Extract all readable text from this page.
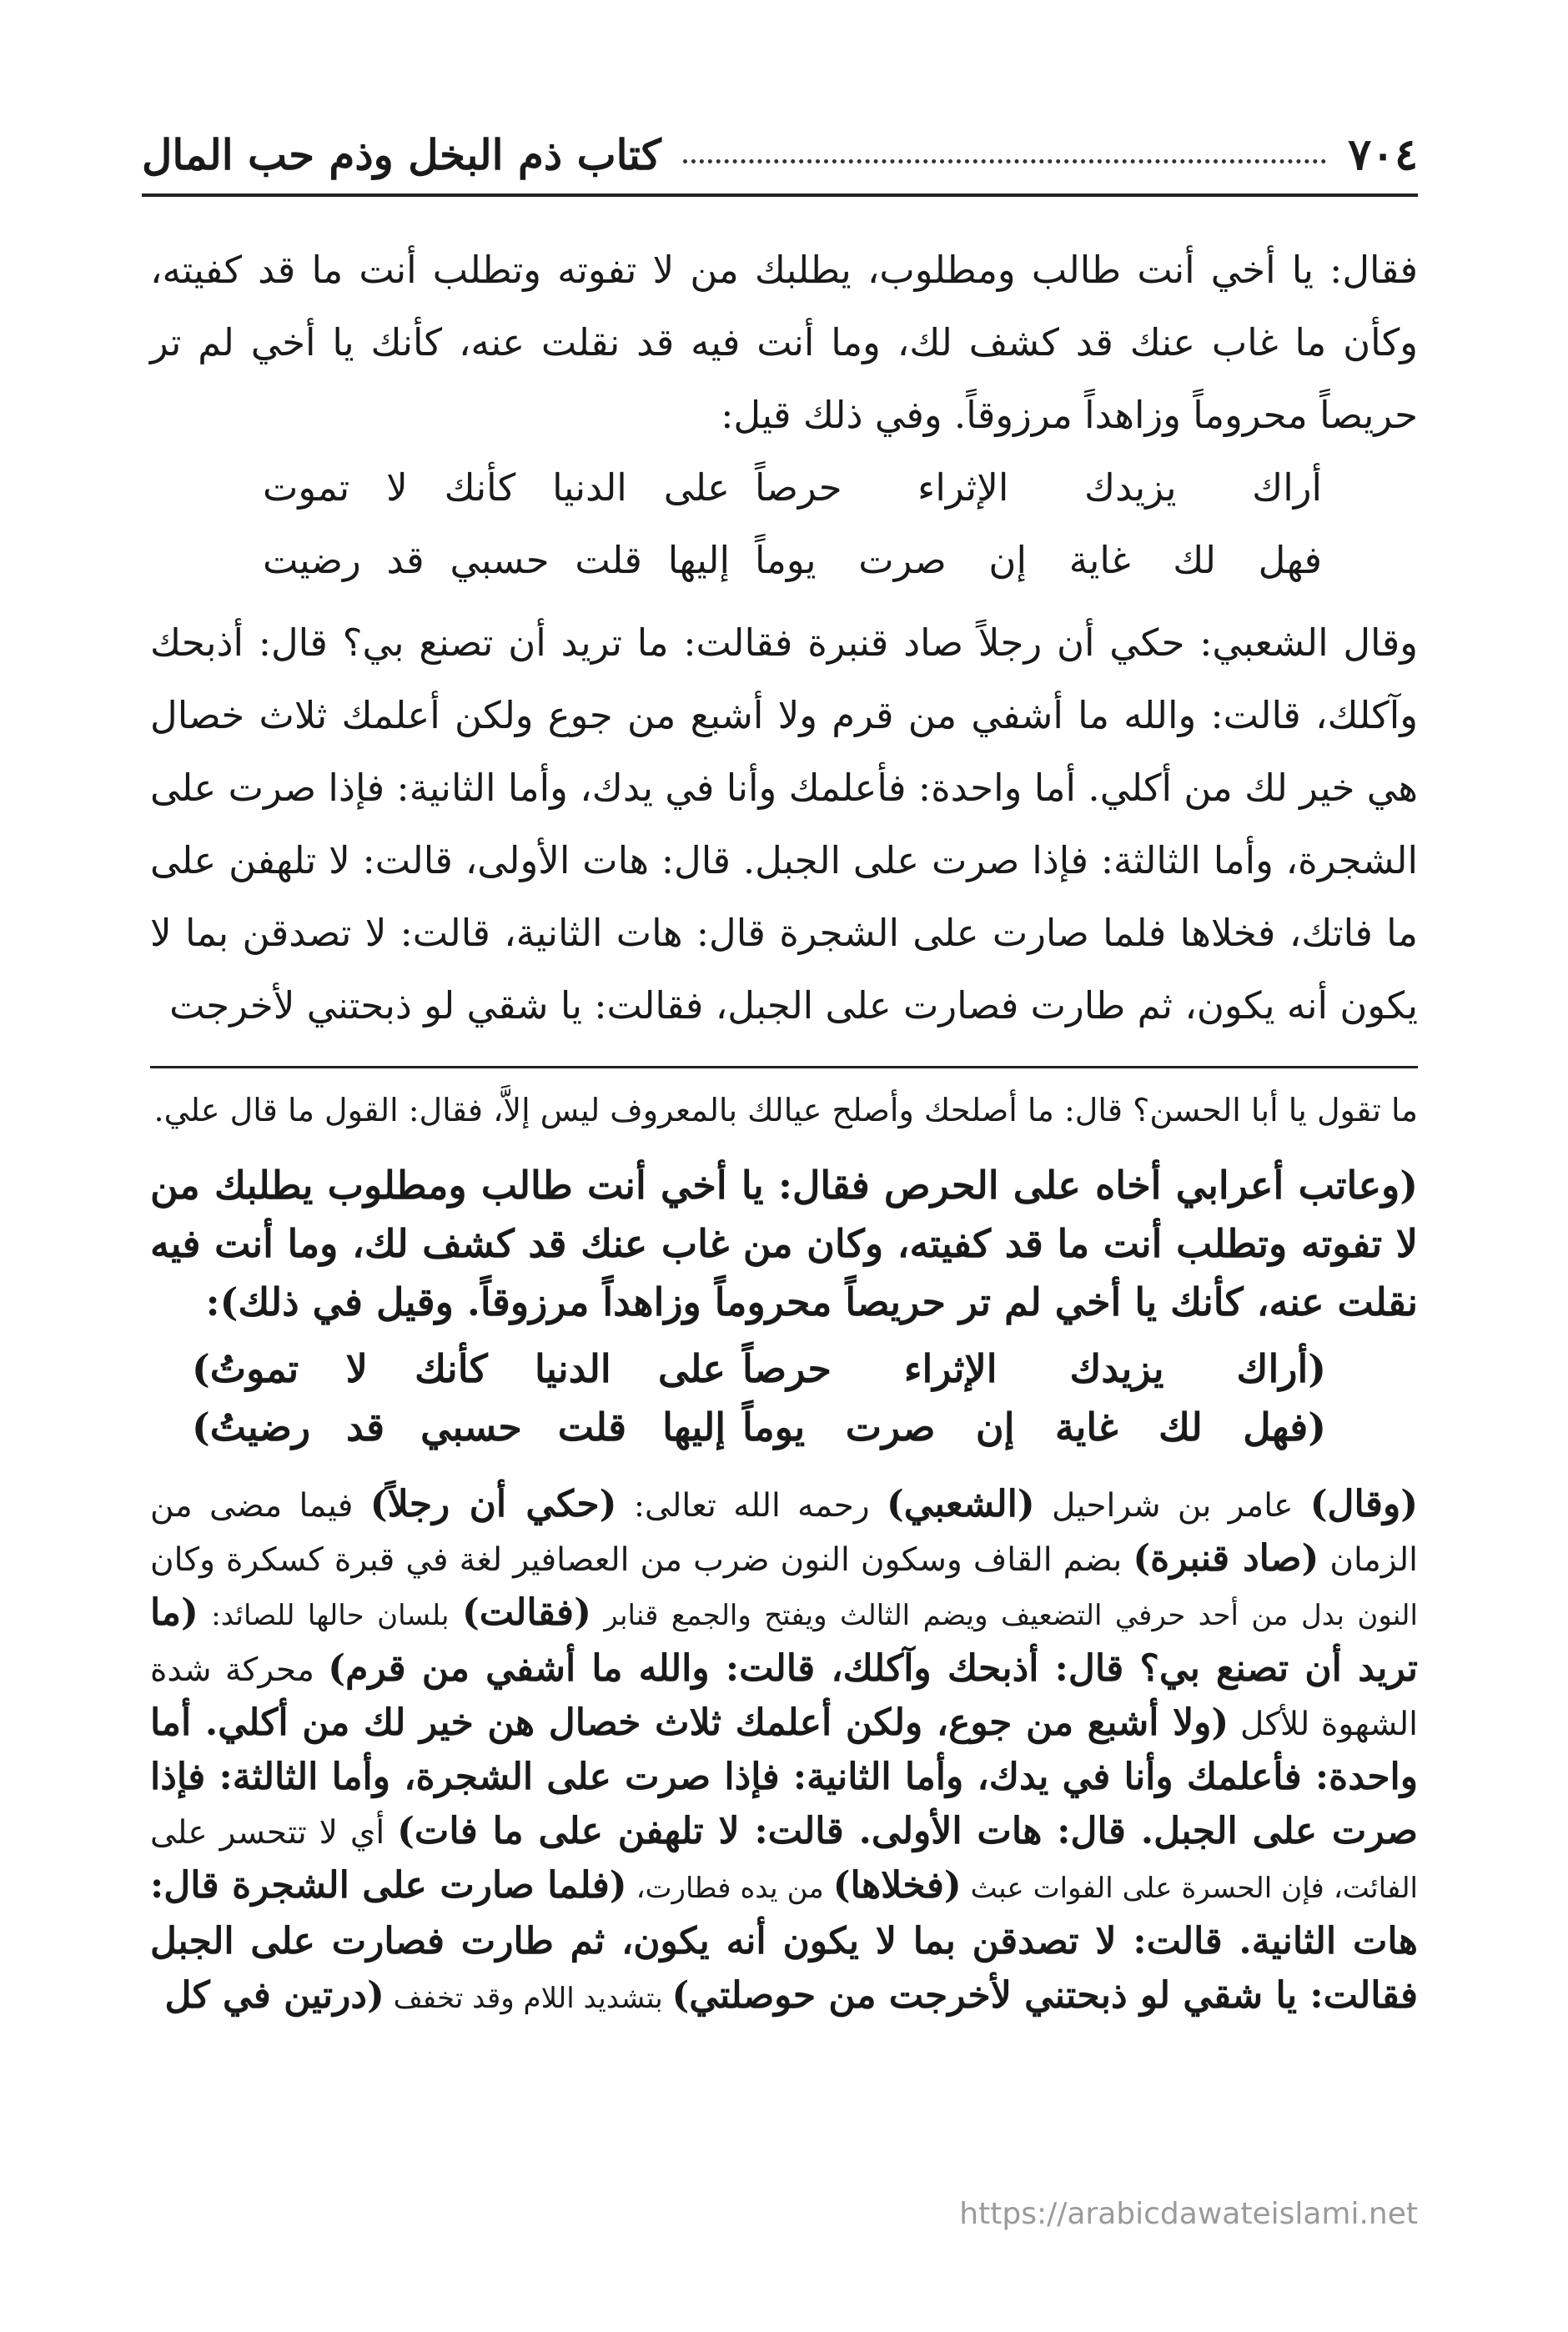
٧٠٤
كتاب ذم البخل وذم حب المال

فقال: يا أخي أنت طالب ومطلوب، يطلبك من لا تفوته وتطلب أنت ما قد كفيته، وكأن ما غاب عنك قد كشف لك، وما أنت فيه قد نقلت عنه، كأنك يا أخي لم تر حريصاً محروماً وزاهداً مرزوقاً. وفي ذلك قيل:

أراك يزيدك الإثراء حرصاً
على الدنيا كأنك لا تموت
فهل لك غاية إن صرت يوماً
إليها قلت حسبي قد رضيت

وقال الشعبي: حكي أن رجلاً صاد قنبرة فقالت: ما تريد أن تصنع بي؟ قال: أذبحك وآكلك، قالت: والله ما أشفي من قرم ولا أشبع من جوع ولكن أعلمك ثلاث خصال هي خير لك من أكلي. أما واحدة: فأعلمك وأنا في يدك، وأما الثانية: فإذا صرت على الشجرة، وأما الثالثة: فإذا صرت على الجبل. قال: هات الأولى، قالت: لا تلهفن على ما فاتك، فخلاها فلما صارت على الشجرة قال: هات الثانية، قالت: لا تصدقن بما لا يكون أنه يكون، ثم طارت فصارت على الجبل، فقالت: يا شقي لو ذبحتني لأخرجت

ما تقول يا أبا الحسن؟ قال: ما أصلحك وأصلح عيالك بالمعروف ليس إلاَّ، فقال: القول ما قال علي.

(وعاتب أعرابي أخاه على الحرص فقال: يا أخي أنت طالب ومطلوب يطلبك من لا تفوته وتطلب أنت ما قد كفيته، وكان من غاب عنك قد كشف لك، وما أنت فيه نقلت عنه، كأنك يا أخي لم تر حريصاً محروماً وزاهداً مرزوقاً. وقيل في ذلك):

(أراك يزيدك الإثراء حرصاً
على الدنيا كأنك لا تموتُ)
(فهل لك غاية إن صرت يوماً
إليها قلت حسبي قد رضيتُ)

(وقال) عامر بن شراحيل (الشعبي) رحمه الله تعالى: (حكي أن رجلاً) فيما مضى من الزمان (صاد قنبرة) بضم القاف وسكون النون ضرب من العصافير لغة في قبرة كسكرة وكان النون بدل من أحد حرفي التضعيف ويضم الثالث ويفتح والجمع قنابر (فقالت) بلسان حالها للصائد: (ما تريد أن تصنع بي؟ قال: أذبحك وآكلك، قالت: والله ما أشفي من قرم) محركة شدة الشهوة للأكل (ولا أشبع من جوع، ولكن أعلمك ثلاث خصال هن خير لك من أكلي. أما واحدة: فأعلمك وأنا في يدك، وأما الثانية: فإذا صرت على الشجرة، وأما الثالثة: فإذا صرت على الجبل. قال: هات الأولى. قالت: لا تلهفن على ما فات) أي لا تتحسر على الفائت، فإن الحسرة على الفوات عبث (فخلاها) من يده فطارت، (فلما صارت على الشجرة قال: هات الثانية. قالت: لا تصدقن بما لا يكون أنه يكون، ثم طارت فصارت على الجبل فقالت: يا شقي لو ذبحتني لأخرجت من حوصلتي) بتشديد اللام وقد تخفف (درتين في كل

https://arabicdawateislami.net
